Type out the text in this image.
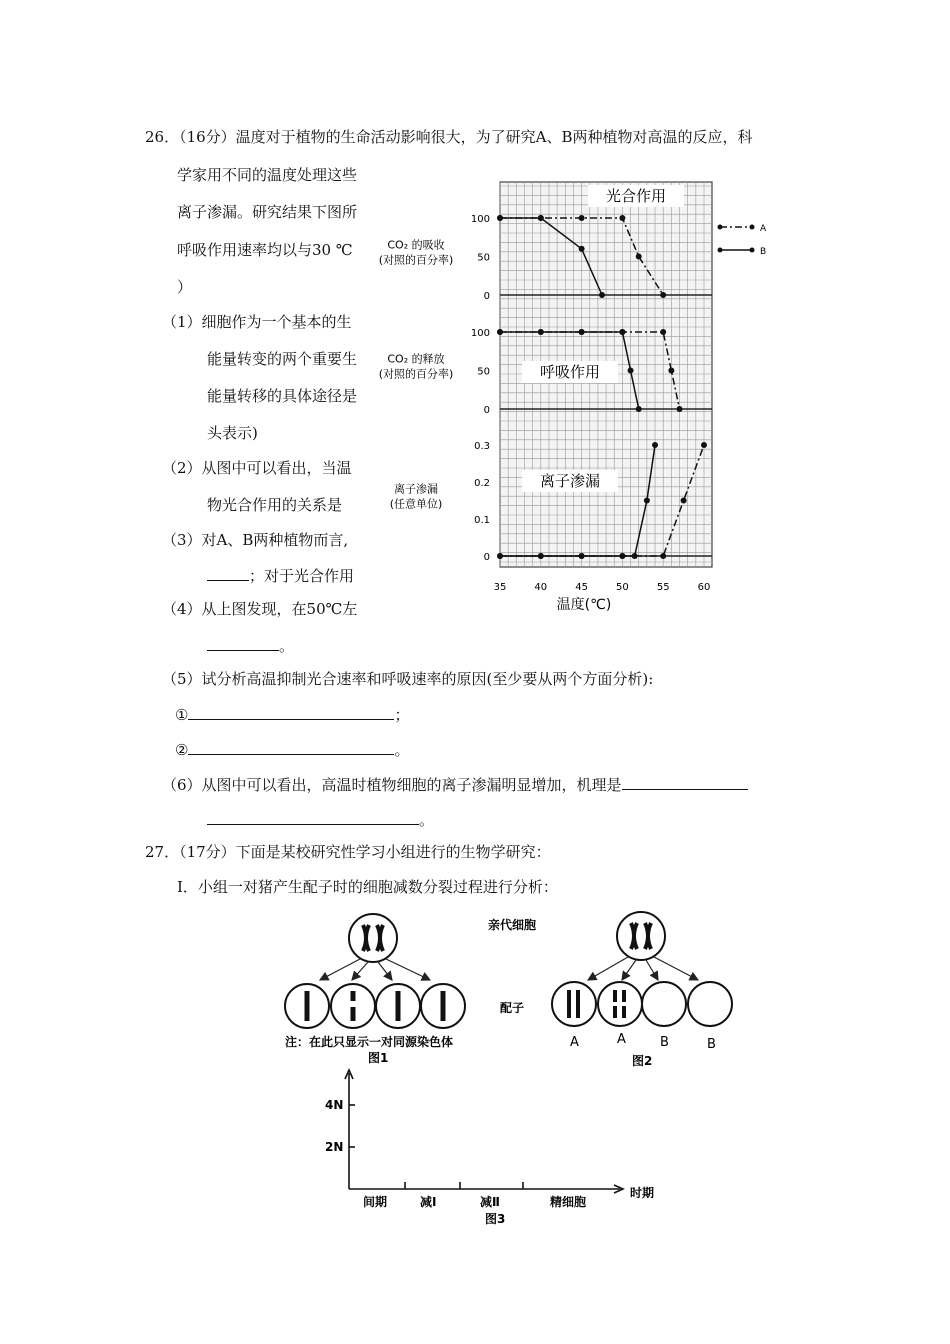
26．（16分）温度对于植物的生命活动影响很大，为了研究A、B两种植物对高温的反应，科
学家用不同的温度处理这些
离子渗漏。研究结果下图所
呼吸作用速率均以与30 ℃
）
（1）细胞作为一个基本的生
能量转变的两个重要生
能量转移的具体途径是
头表示)
（2）从图中可以看出，当温
物光合作用的关系是
（3）对A、B两种植物而言,
；对于光合作用
（4）从上图发现，在50℃左
。
（5）试分析高温抑制光合速率和呼吸速率的原因(至少要从两个方面分析):
①	；
②	。
（6）从图中可以看出，高温时植物细胞的离子渗漏明显增加，机理是
。
27．（17分）下面是某校研究性学习小组进行的生物学研究：
I．小组一对猪产生配子时的细胞减数分裂过程进行分析：
0
50
100
光合作用
CO₂ 的吸收
(对照的百分率)
0
50
100
呼吸作用
CO₂ 的释放
(对照的百分率)
0
0.1
0.2
0.3
离子渗漏
离子渗漏
(任意单位)
35	40	45	50	55	60
温度(℃)
A
B
注：在此只显示一对同源染色体
图1
亲代细胞
配子
A	A	B	B
图2
4N
2N
间期	减Ⅰ	减Ⅱ	精细胞
时期
图3
